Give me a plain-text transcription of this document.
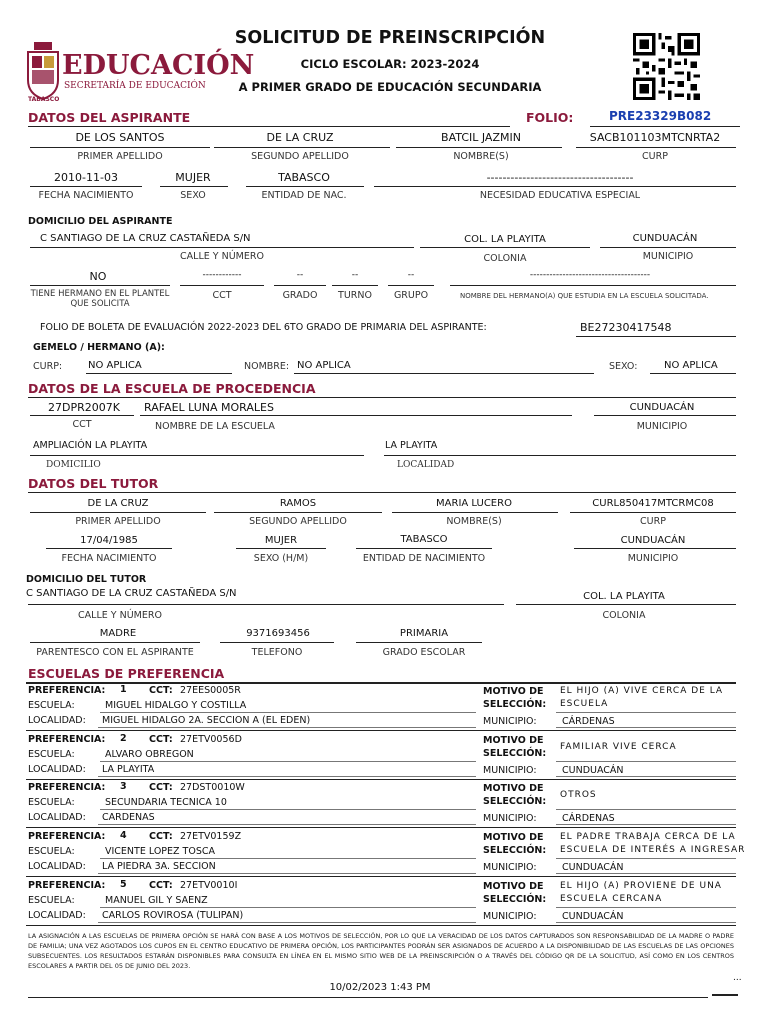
EDUCACIÓN
SECRETARÍA DE EDUCACIÓN
TABASCO
SOLICITUD DE PREINSCRIPCIÓN
CICLO ESCOLAR: 2023-2024
A PRIMER GRADO DE EDUCACIÓN SECUNDARIA
DATOS DEL ASPIRANTE	FOLIO:	PRE23329B082
DE LOS SANTOS	DE LA CRUZ	BATCIL JAZMIN	SACB101103MTCNRTA2
PRIMER APELLIDO	SEGUNDO APELLIDO	NOMBRE(S)	CURP
2010-11-03	MUJER	TABASCO	-------------------------------------
FECHA NACIMIENTO	SEXO	ENTIDAD DE NAC.	NECESIDAD EDUCATIVA ESPECIAL
DOMICILIO DEL ASPIRANTE
C SANTIAGO DE LA CRUZ CASTAÑEDA S/N	COL. LA PLAYITA	CUNDUACÁN
CALLE Y NÚMERO	COLONIA	MUNICIPIO
NO	------------	--	--	--	-------------------------------------
TIENE HERMANO EN EL PLANTEL QUE SOLICITA
CCT	GRADO	TURNO	GRUPO	NOMBRE DEL HERMANO(A) QUE ESTUDIA EN LA ESCUELA SOLICITADA.
FOLIO DE BOLETA DE EVALUACIÓN 2022-2023 DEL 6TO GRADO DE PRIMARIA DEL ASPIRANTE:	BE27230417548
GEMELO / HERMANO (A):
CURP:	NO APLICA	NOMBRE: NO APLICA	SEXO:	NO APLICA
DATOS DE LA ESCUELA DE PROCEDENCIA
27DPR2007K RAFAEL LUNA MORALES	CUNDUACÁN
CCT	NOMBRE DE LA ESCUELA	MUNICIPIO
AMPLIACIÓN LA PLAYITA	LA PLAYITA
DOMICILIO	LOCALIDAD
DATOS DEL TUTOR
DE LA CRUZ	RAMOS	MARIA LUCERO	CURL850417MTCRMC08
PRIMER APELLIDO	SEGUNDO APELLIDO	NOMBRE(S)	CURP
17/04/1985	MUJER	TABASCO	CUNDUACÁN
FECHA NACIMIENTO	SEXO (H/M)	ENTIDAD DE NACIMIENTO	MUNICIPIO
DOMICILIO DEL TUTOR
C SANTIAGO DE LA CRUZ CASTAÑEDA S/N	COL. LA PLAYITA
CALLE Y NÚMERO	COLONIA
MADRE	9371693456	PRIMARIA
PARENTESCO CON EL ASPIRANTE	TELEFONO	GRADO ESCOLAR
ESCUELAS DE PREFERENCIA
PREFERENCIA: 1 CCT: 27EES0005R
ESCUELA:	MIGUEL HIDALGO Y COSTILLA
LOCALIDAD: MIGUEL HIDALGO 2A. SECCION A (EL EDEN)
MOTIVO DE
SELECCIÓN:
EL HIJO (A) VIVE CERCA DE LA
ESCUELA
MUNICIPIO:	CÁRDENAS
PREFERENCIA: 2 CCT: 27ETV0056D
ESCUELA:	ALVARO OBREGON
LOCALIDAD: LA PLAYITA
MOTIVO DE
SELECCIÓN:
FAMILIAR VIVE CERCA
MUNICIPIO:	CUNDUACÁN
PREFERENCIA: 3 CCT: 27DST0010W
ESCUELA:	SECUNDARIA TECNICA 10
LOCALIDAD: CARDENAS
MOTIVO DE
SELECCIÓN:
OTROS
MUNICIPIO:	CÁRDENAS
PREFERENCIA: 4 CCT: 27ETV0159Z
ESCUELA:	VICENTE LOPEZ TOSCA
LOCALIDAD: LA PIEDRA 3A. SECCION
MOTIVO DE
SELECCIÓN:
EL PADRE TRABAJA CERCA DE LA
ESCUELA DE INTERÉS A INGRESAR
MUNICIPIO:	CUNDUACÁN
PREFERENCIA: 5 CCT: 27ETV0010I
ESCUELA:	MANUEL GIL Y SAENZ
LOCALIDAD: CARLOS ROVIROSA (TULIPAN)
MOTIVO DE
SELECCIÓN:
EL HIJO (A) PROVIENE DE UNA
ESCUELA CERCANA
MUNICIPIO:	CUNDUACÁN
LA ASIGNACIÓN A LAS ESCUELAS DE PRIMERA OPCIÓN SE HARÁ CON BASE A LOS MOTIVOS DE SELECCIÓN, POR LO QUE LA VERACIDAD DE LOS DATOS CAPTURADOS SON RESPONSABILIDAD DE LA MADRE O PADRE DE FAMILIA; UNA VEZ AGOTADOS LOS CUPOS EN EL CENTRO EDUCATIVO DE PRIMERA OPCIÓN, LOS PARTICIPANTES PODRÁN SER ASIGNADOS DE ACUERDO A LA DISPONIBILIDAD DE LAS ESCUELAS DE LAS OPCIONES SUBSECUENTES. LOS RESULTADOS ESTARÁN DISPONIBLES PARA CONSULTA EN LÍNEA EN EL MISMO SITIO WEB DE LA PREINSCRIPCIÓN O A TRAVÉS DEL CÓDIGO QR DE LA SOLICITUD, ASÍ COMO EN LOS CENTROS ESCOLARES A PARTIR DEL 05 DE JUNIO DEL 2023.
10/02/2023 1:43 PM
...
